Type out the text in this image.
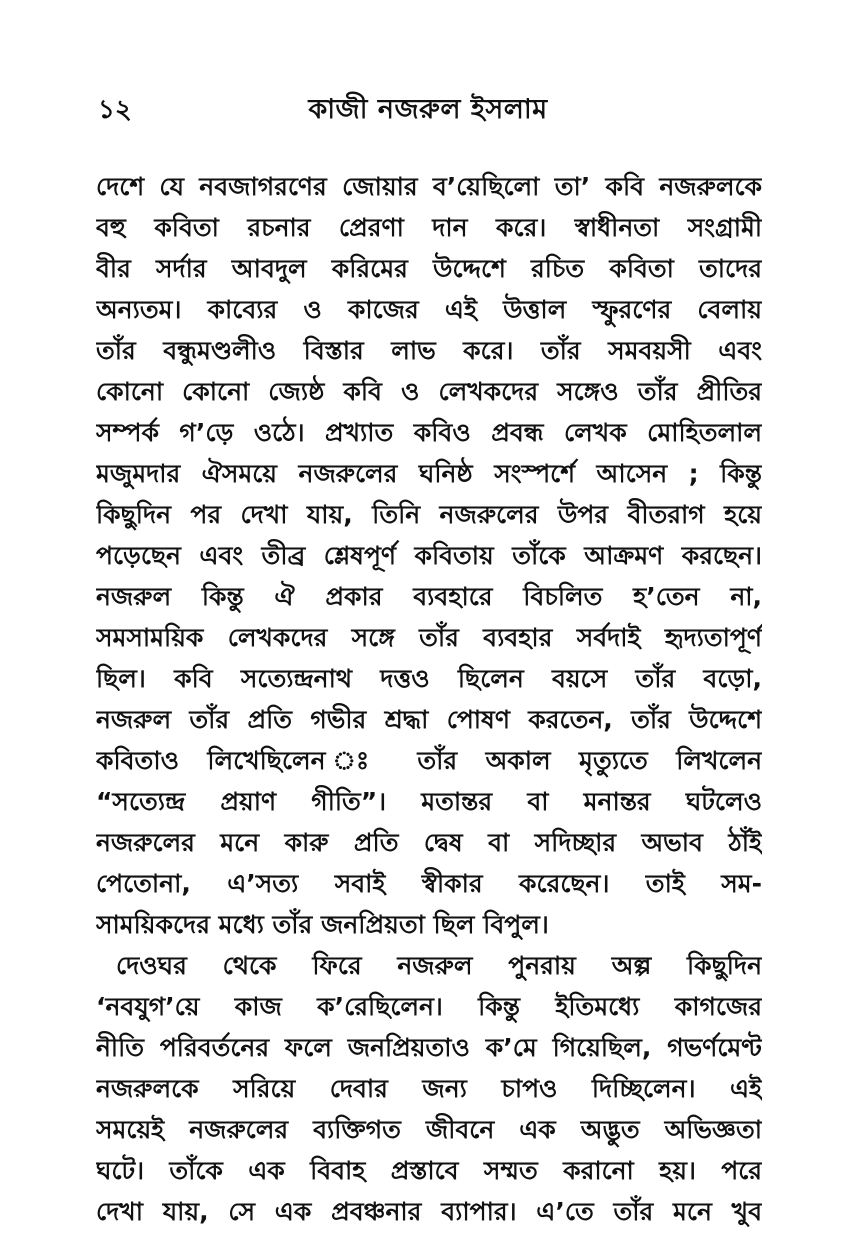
১২	কাজী নজরুল ইসলাম
দেশে যে নবজাগরণের জোয়ার ব’য়েছিলো তা’ কবি নজরুলকে
বহু কবিতা রচনার প্রেরণা দান করে। স্বাধীনতা সংগ্রামী
বীর সর্দার আবদুল করিমের উদ্দেশে রচিত কবিতা তাদের
অন্যতম। কাব্যের ও কাজের এই উত্তাল স্ফুরণের বেলায়
তাঁর বন্ধুমণ্ডলীও বিস্তার লাভ করে। তাঁর সমবয়সী এবং
কোনো কোনো জ্যেষ্ঠ কবি ও লেখকদের সঙ্গেও তাঁর প্রীতির
সম্পর্ক গ’ড়ে ওঠে। প্রখ্যাত কবিও প্রবন্ধ লেখক মোহিতলাল
মজুমদার ঐসময়ে নজরুলের ঘনিষ্ঠ সংস্পর্শে আসেন ; কিন্তু
কিছুদিন পর দেখা যায়, তিনি নজরুলের উপর বীতরাগ হয়ে
পড়েছেন এবং তীব্র শ্লেষপূর্ণ কবিতায় তাঁকে আক্রমণ করছেন।
নজরুল কিন্তু ঐ প্রকার ব্যবহারে বিচলিত হ’তেন না,
সমসাময়িক লেখকদের সঙ্গে তাঁর ব্যবহার সর্বদাই হৃদ্যতাপূর্ণ
ছিল। কবি সত্যেন্দ্রনাথ দত্তও ছিলেন বয়সে তাঁর বড়ো,
নজরুল তাঁর প্রতি গভীর শ্রদ্ধা পোষণ করতেন, তাঁর উদ্দেশে
কবিতাও লিখেছিলেন ঃ তাঁর অকাল মৃত্যুতে লিখলেন
“সত্যেন্দ্র প্রয়াণ গীতি”। মতান্তর বা মনান্তর ঘটলেও
নজরুলের মনে কারু প্রতি দ্বেষ বা সদিচ্ছার অভাব ঠাঁই
পেতোনা, এ’সত্য সবাই স্বীকার করেছেন। তাই সম-
সাময়িকদের মধ্যে তাঁর জনপ্রিয়তা ছিল বিপুল।
দেওঘর থেকে ফিরে নজরুল পুনরায় অল্প কিছুদিন
‘নবযুগ’য়ে কাজ ক’রেছিলেন। কিন্তু ইতিমধ্যে কাগজের
নীতি পরিবর্তনের ফলে জনপ্রিয়তাও ক’মে গিয়েছিল, গভর্ণমেণ্ট
নজরুলকে সরিয়ে দেবার জন্য চাপও দিচ্ছিলেন। এই
সময়েই নজরুলের ব্যক্তিগত জীবনে এক অদ্ভুত অভিজ্ঞতা
ঘটে। তাঁকে এক বিবাহ প্রস্তাবে সম্মত করানো হয়। পরে
দেখা যায়, সে এক প্রবঞ্চনার ব্যাপার। এ’তে তাঁর মনে খুব
